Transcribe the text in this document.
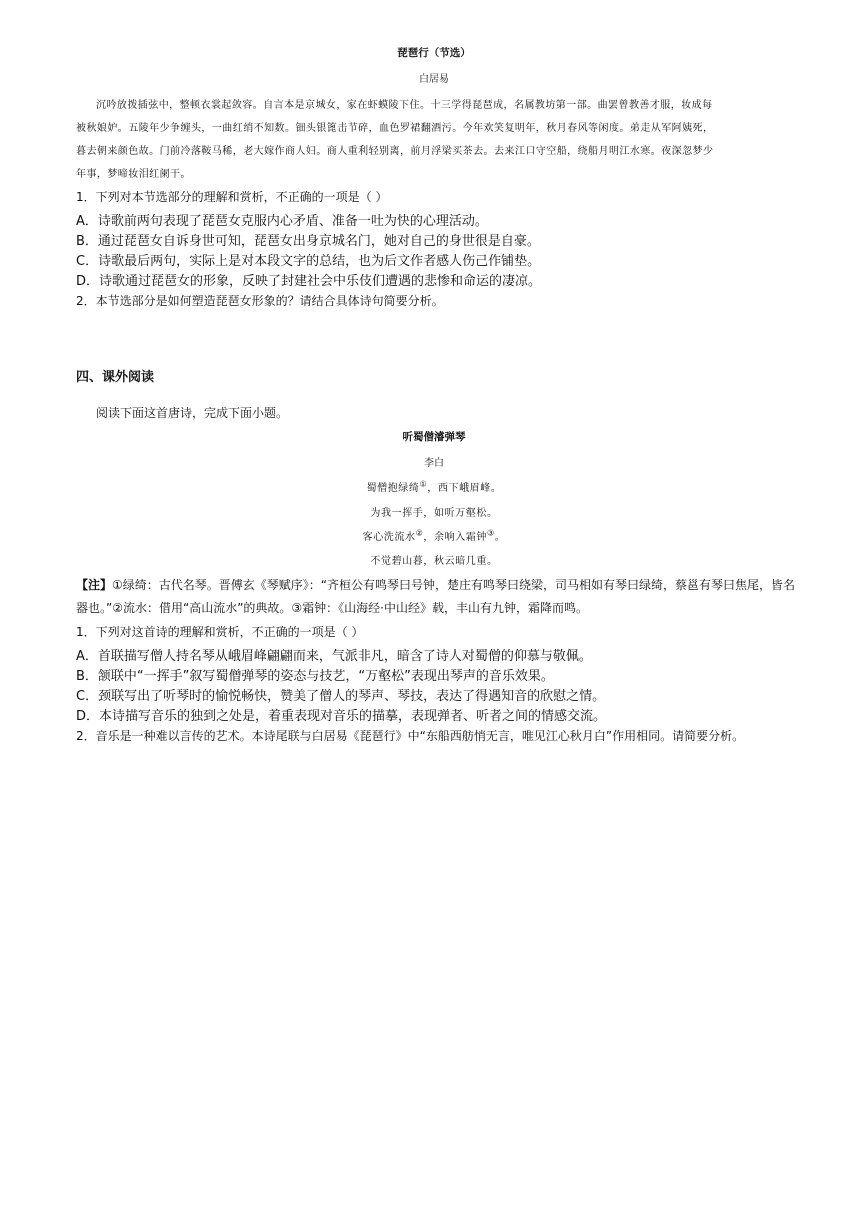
琵琶行（节选）
白居易
沉吟放拨插弦中，整顿衣裳起敛容。自言本是京城女，家在虾蟆陵下住。十三学得琵琶成，名属教坊第一部。曲罢曾教善才服，妆成每
被秋娘妒。五陵年少争缠头，一曲红绡不知数。钿头银篦击节碎，血色罗裙翻酒污。今年欢笑复明年，秋月春风等闲度。弟走从军阿姨死，
暮去朝来颜色故。门前冷落鞍马稀，老大嫁作商人妇。商人重利轻别离，前月浮梁买茶去。去来江口守空船，绕船月明江水寒。夜深忽梦少
年事，梦啼妆泪红阑干。
1．下列对本节选部分的理解和赏析，不正确的一项是（ ）
A．诗歌前两句表现了琵琶女克服内心矛盾、准备一吐为快的心理活动。
B．通过琵琶女自诉身世可知，琵琶女出身京城名门，她对自己的身世很是自豪。
C．诗歌最后两句，实际上是对本段文字的总结，也为后文作者感人伤己作铺垫。
D．诗歌通过琵琶女的形象，反映了封建社会中乐伎们遭遇的悲惨和命运的凄凉。
2．本节选部分是如何塑造琵琶女形象的？请结合具体诗句简要分析。
四、课外阅读
阅读下面这首唐诗，完成下面小题。
听蜀僧濬弹琴
李白
蜀僧抱绿绮①，西下峨眉峰。
为我一挥手，如听万壑松。
客心洗流水②，余响入霜钟③。
不觉碧山暮，秋云暗几重。
【注】①绿绮：古代名琴。晋傅玄《琴赋序》：“齐桓公有鸣琴曰号钟，楚庄有鸣琴曰绕梁，司马相如有琴曰绿绮，蔡邕有琴曰焦尾，皆名
器也。”②流水：借用“高山流水”的典故。③霜钟：《山海经·中山经》载，丰山有九钟，霜降而鸣。
1．下列对这首诗的理解和赏析，不正确的一项是（ ）
A．首联描写僧人持名琴从峨眉峰翩翩而来，气派非凡，暗含了诗人对蜀僧的仰慕与敬佩。
B．颔联中“一挥手”叙写蜀僧弹琴的姿态与技艺，“万壑松”表现出琴声的音乐效果。
C．颈联写出了听琴时的愉悦畅快，赞美了僧人的琴声、琴技，表达了得遇知音的欣慰之情。
D．本诗描写音乐的独到之处是，着重表现对音乐的描摹，表现弹者、听者之间的情感交流。
2．音乐是一种难以言传的艺术。本诗尾联与白居易《琵琶行》中“东船西舫悄无言，唯见江心秋月白”作用相同。请简要分析。
